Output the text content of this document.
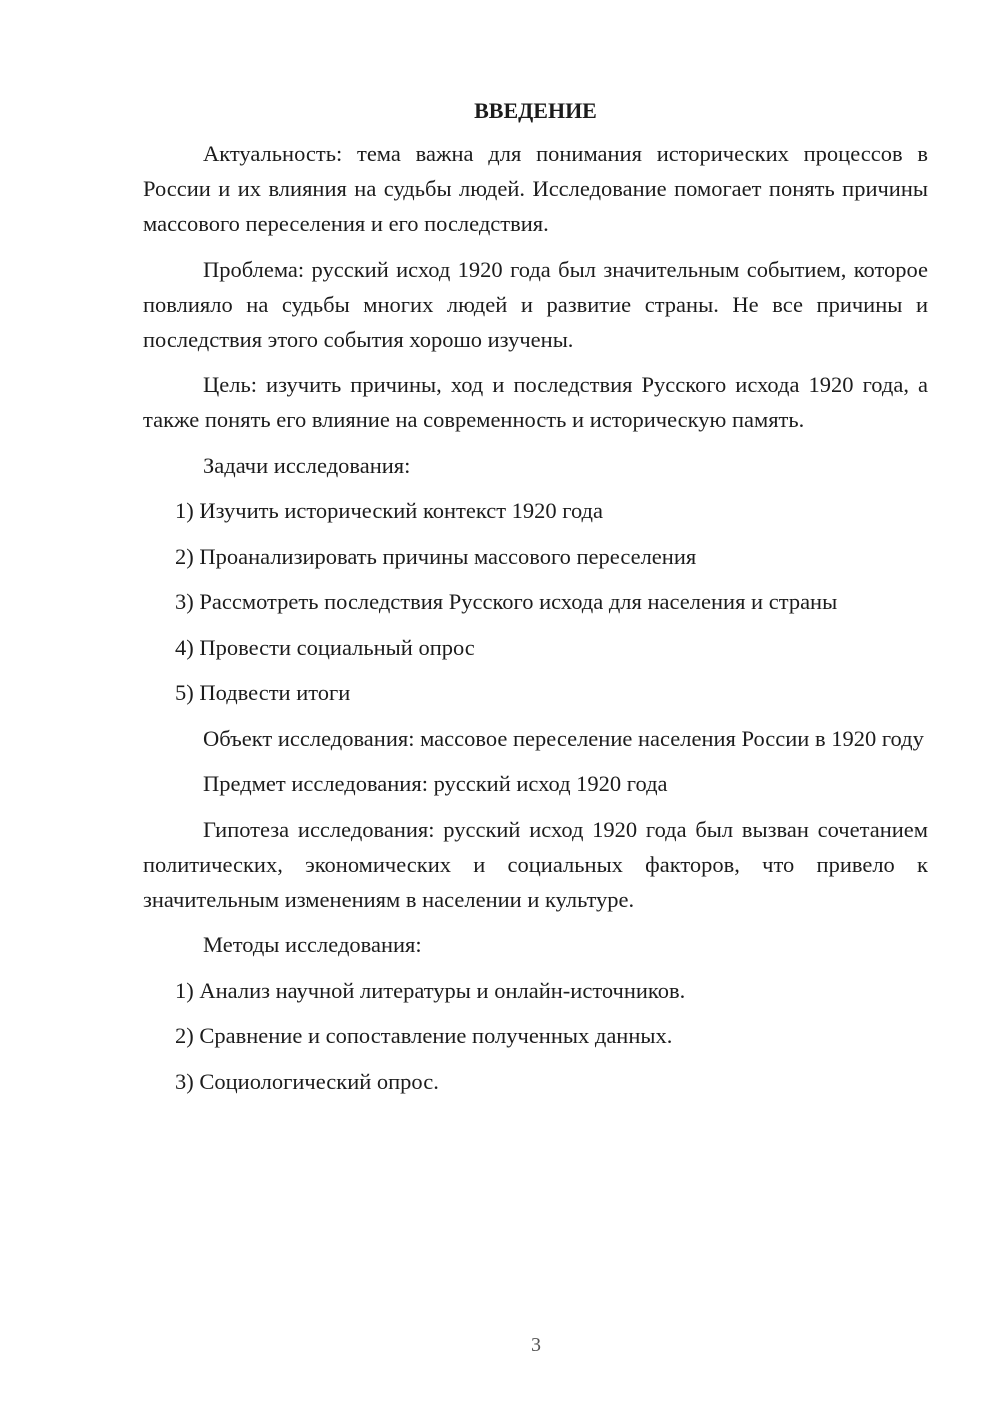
ВВЕДЕНИЕ

Актуальность: тема важна для понимания исторических процессов в России и их влияния на судьбы людей. Исследование помогает понять причины массового переселения и его последствия.

Проблема: русский исход 1920 года был значительным событием, которое повлияло на судьбы многих людей и развитие страны. Не все причины и последствия этого события хорошо изучены.

Цель: изучить причины, ход и последствия Русского исхода 1920 года, а также понять его влияние на современность и историческую память.

Задачи исследования:

1) Изучить исторический контекст 1920 года

2) Проанализировать причины массового переселения

3) Рассмотреть последствия Русского исхода для населения и страны

4) Провести социальный опрос

5) Подвести итоги

Объект исследования: массовое переселение населения России в 1920 году

Предмет исследования: русский исход 1920 года

Гипотеза исследования: русский исход 1920 года был вызван сочетанием политических, экономических и социальных факторов, что привело к значительным изменениям в населении и культуре.

Методы исследования:

1) Анализ научной литературы и онлайн-источников.

2) Сравнение и сопоставление полученных данных.

3) Социологический опрос.

3
